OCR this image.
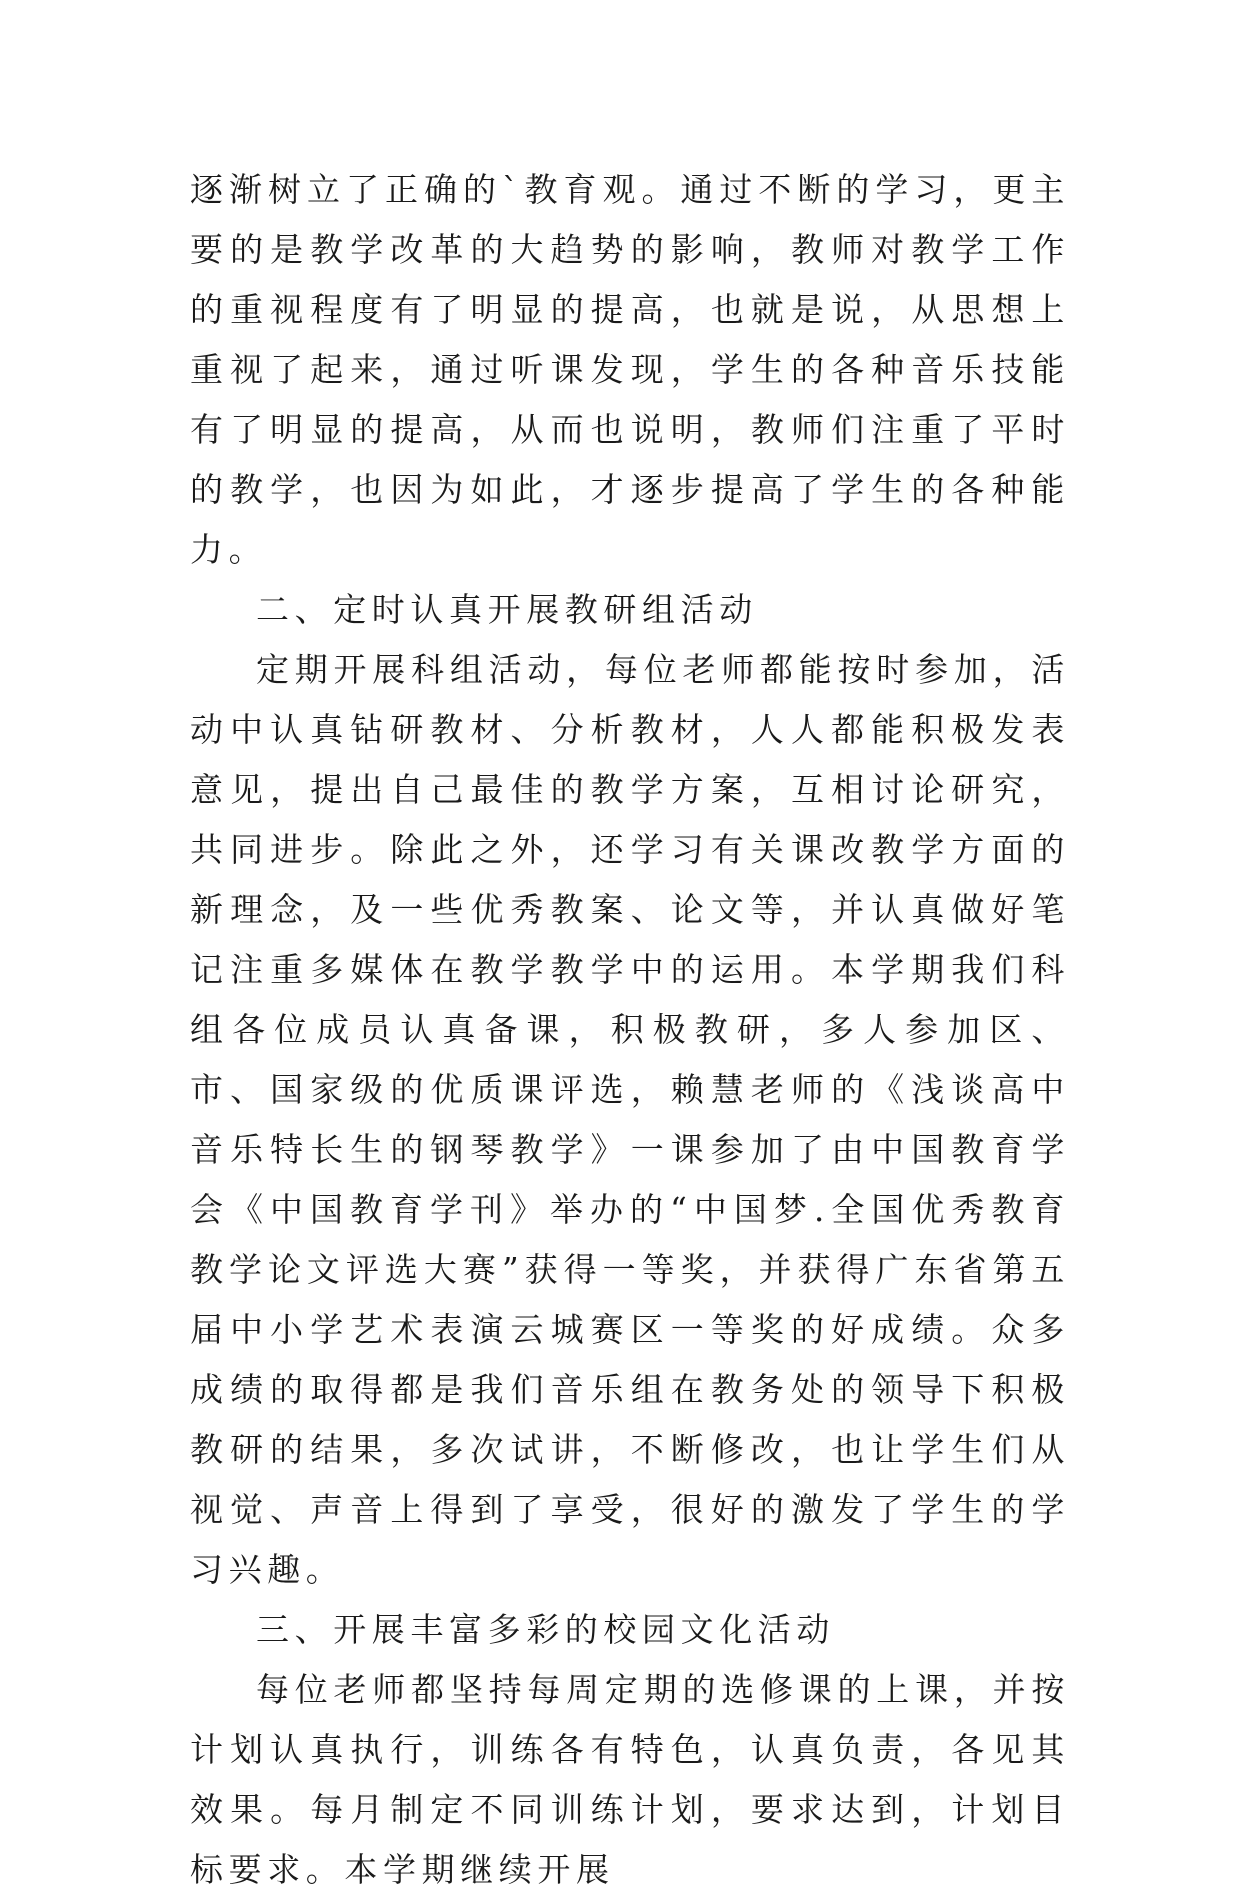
逐渐树立了正确的`教育观。通过不断的学习，更主要的是教学改革的大趋势的影响，教师对教学工作的重视程度有了明显的提高，也就是说，从思想上重视了起来，通过听课发现，学生的各种音乐技能有了明显的提高，从而也说明，教师们注重了平时的教学，也因为如此，才逐步提高了学生的各种能力。

二、定时认真开展教研组活动

定期开展科组活动，每位老师都能按时参加，活动中认真钻研教材、分析教材，人人都能积极发表意见，提出自己最佳的教学方案，互相讨论研究，共同进步。除此之外，还学习有关课改教学方面的新理念，及一些优秀教案、论文等，并认真做好笔记注重多媒体在教学教学中的运用。本学期我们科组各位成员认真备课，积极教研，多人参加区、市、国家级的优质课评选，赖慧老师的《浅谈高中音乐特长生的钢琴教学》一课参加了由中国教育学会《中国教育学刊》举办的“中国梦.全国优秀教育教学论文评选大赛”获得一等奖，并获得广东省第五届中小学艺术表演云城赛区一等奖的好成绩。众多成绩的取得都是我们音乐组在教务处的领导下积极教研的结果，多次试讲，不断修改，也让学生们从视觉、声音上得到了享受，很好的激发了学生的学习兴趣。

三、开展丰富多彩的校园文化活动

每位老师都坚持每周定期的选修课的上课，并按计划认真执行，训练各有特色，认真负责，各见其效果。每月制定不同训练计划，要求达到，计划目标要求。本学期继续开展
